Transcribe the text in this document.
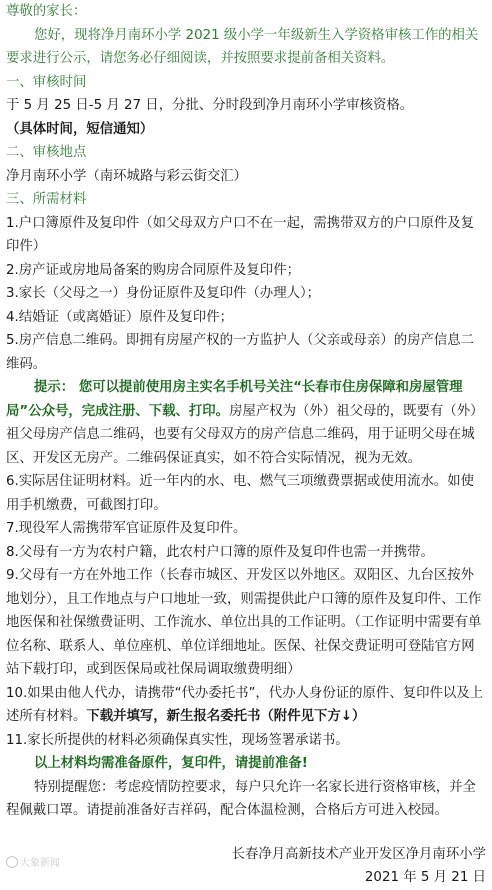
尊敬的家长：

您好，现将净月南环小学 2021 级小学一年级新生入学资格审核工作的相关要求进行公示，请您务必仔细阅读，并按照要求提前备相关资料。

一、审核时间

于 5 月 25 日-5 月 27 日，分批、分时段到净月南环小学审核资格。

（具体时间，短信通知）

二、审核地点

净月南环小学（南环城路与彩云街交汇）

三、所需材料

1.户口簿原件及复印件（如父母双方户口不在一起，需携带双方的户口原件及复印件）

2.房产证或房地局备案的购房合同原件及复印件；

3.家长（父母之一）身份证原件及复印件（办理人）；

4.结婚证（或离婚证）原件及复印件；

5.房产信息二维码。即拥有房屋产权的一方监护人（父亲或母亲）的房产信息二维码。

提示： 您可以提前使用房主实名手机号关注“长春市住房保障和房屋管理局”公众号，完成注册、下载、打印。房屋产权为（外）祖父母的，既要有（外）祖父母房产信息二维码，也要有父母双方的房产信息二维码，用于证明父母在城区、开发区无房产。二维码保证真实，如不符合实际情况，视为无效。

6.实际居住证明材料。近一年内的水、电、燃气三项缴费票据或使用流水。如使用手机缴费，可截图打印。

7.现役军人需携带军官证原件及复印件。

8.父母有一方为农村户籍，此农村户口簿的原件及复印件也需一并携带。

9.父母有一方在外地工作（长春市城区、开发区以外地区。双阳区、九台区按外地划分），且工作地点与户口地址一致，则需提供此户口簿的原件及复印件、工作地医保和社保缴费证明、工作流水、单位出具的工作证明。（工作证明中需要有单位名称、联系人、单位座机、单位详细地址。医保、社保交费证明可登陆官方网站下载打印，或到医保局或社保局调取缴费明细）

10.如果由他人代办，请携带“代办委托书”，代办人身份证的原件、复印件以及上述所有材料。下载并填写，新生报名委托书（附件见下方↓）

11.家长所提供的材料必须确保真实性，现场签署承诺书。

以上材料均需准备原件，复印件，请提前准备!

特别提醒您：考虑疫情防控要求，每户只允许一名家长进行资格审核，并全程佩戴口罩。请提前准备好吉祥码，配合体温检测，合格后方可进入校园。

长春净月高新技术产业开发区净月南环小学

2021 年 5 月 21 日

大象新闻
